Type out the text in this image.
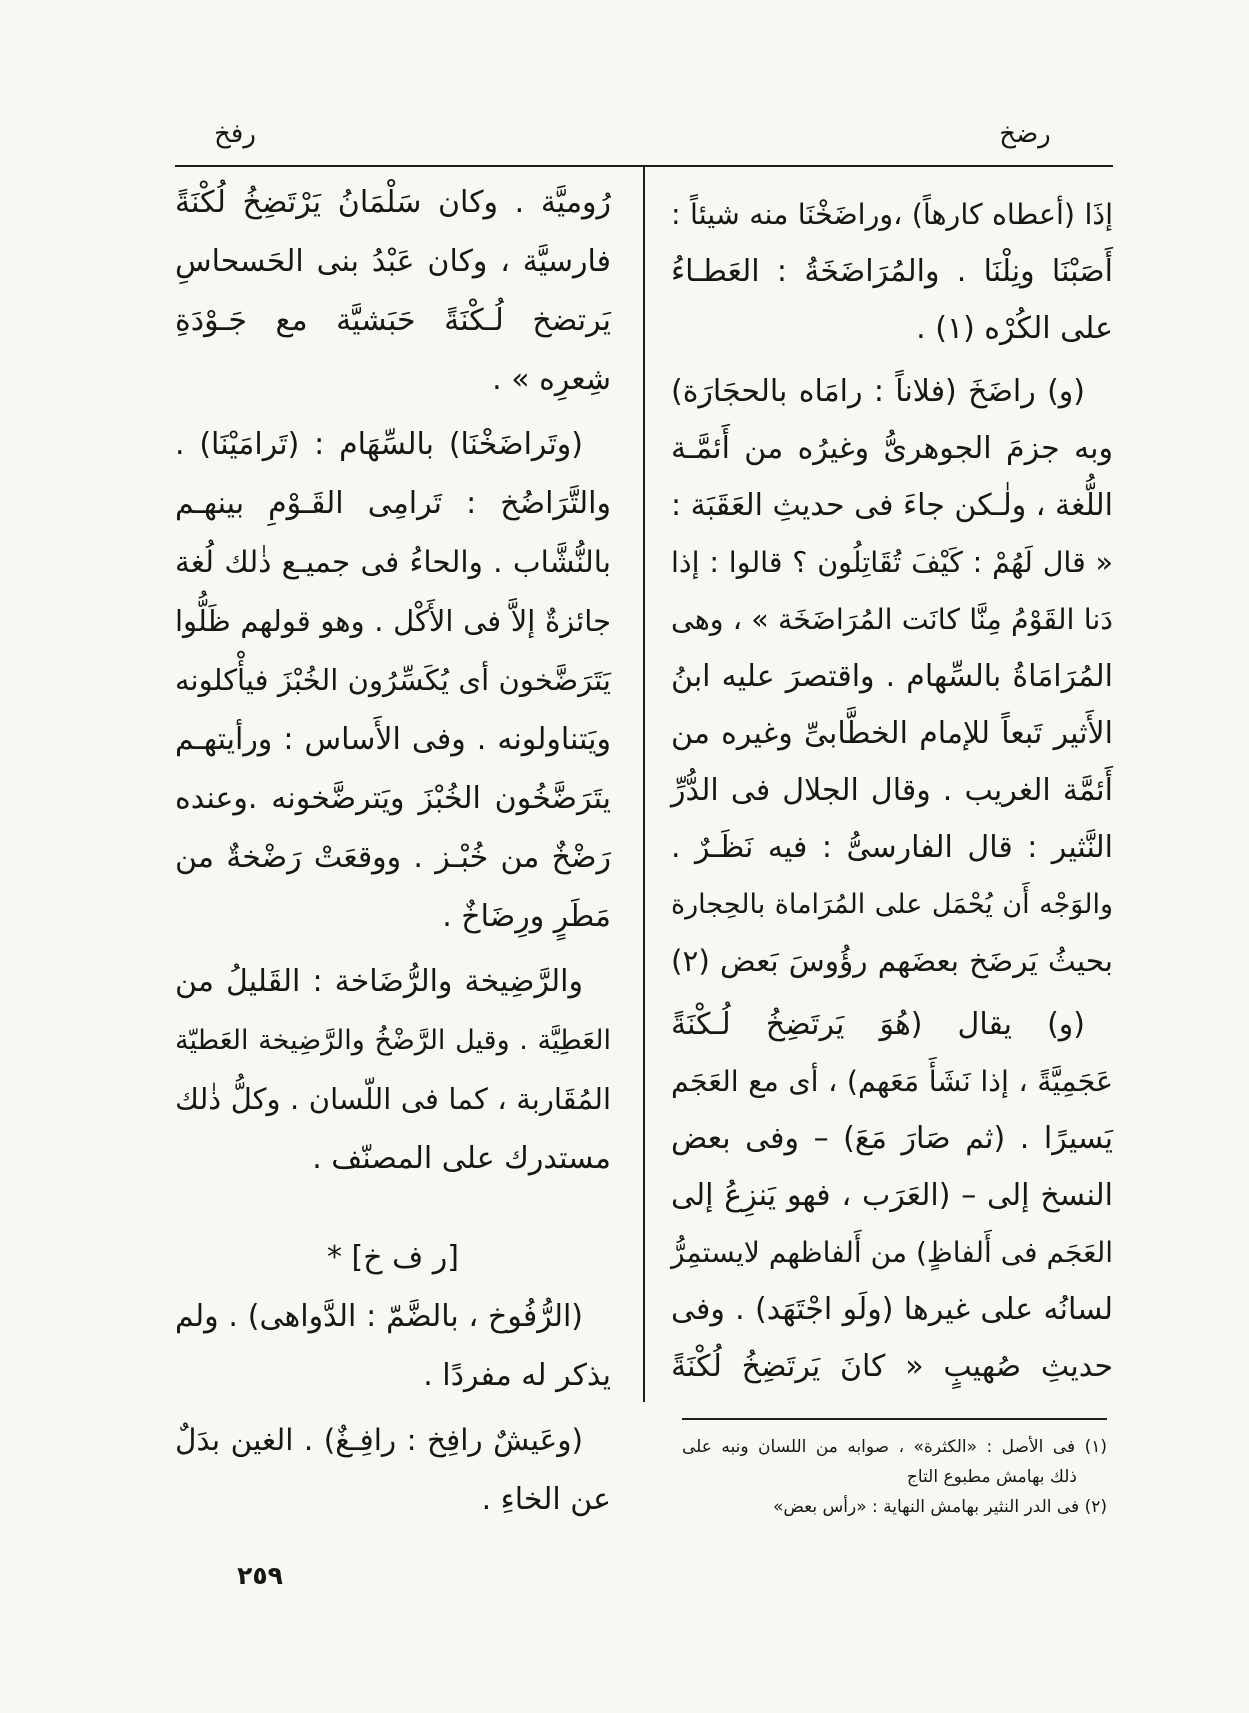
رضخ
رفخ
إذَا (أعطاه كارهاً) ،وراضَخْنَا منه شيئاً :
أَصَبْنَا ونِلْنَا . والمُرَاضَخَةُ : العَطـاءُ
على الكُرْه (١) .
(و) راضَخَ (فلاناً : رامَاه بالحجَارَة)
وبه جزمَ الجوهرىُّ وغيرُه من أَئمَّـة
اللُّغة ، ولٰـكن جاءَ فى حديثِ العَقَبَة :
« قال لَهُمْ : كَيْفَ تُقَاتِلُون ؟ قالوا : إذا
دَنا القَوْمُ مِنَّا كانَت المُرَاضَخَة » ، وهى
المُرَامَاةُ بالسِّهام . واقتصرَ عليه ابنُ
الأَثير تَبعاً للإمام الخطَّابىِّ وغيره من
أَئمَّة الغريب . وقال الجلال فى الدُّرِّ
النَّثير : قال الفارسىُّ : فيه نَظَـرٌ .
والوَجْه أَن يُحْمَل على المُرَاماة بالحِجارة
بحيثُ يَرضَخ بعضَهم رؤُوسَ بَعض (٢)
(و) يقال (هُوَ يَرتَضِخُ لُـكْنَةً
عَجَمِيَّةً ، إذا نَشَأَ مَعَهم) ، أى مع العَجَم
يَسيرًا . (ثم صَارَ مَعَ) – وفى بعض
النسخ إلى – (العَرَب ، فهو يَنزِعُ إلى
العَجَم فى أَلفاظٍ) من أَلفاظهم لايستمِرُّ
لسانُه على غيرها (ولَو اجْتَهَد) . وفى
حديثِ صُهيبٍ « كانَ يَرتَضِخُ لُكْنَةً
رُوميَّة . وكان سَلْمَانُ يَرْتَضِخُ لُكْنَةً
فارسيَّة ، وكان عَبْدُ بنى الحَسحاسِ
يَرتضخ لُـكْنَةً حَبَشيَّة مع جَـوْدَةِ
شِعرِه » .
(وتَراضَخْنَا) بالسِّهَام : (تَرامَيْنَا) .
والتَّرَاضُخ : تَرامِى القَـوْمِ بينهـم
بالنُّشَّاب . والحاءُ فى جميـع ذٰلك لُغة
جائزةٌ إلاَّ فى الأَكْل . وهو قولهم ظَلُّوا
يَتَرَضَّخون أى يُكَسِّرُون الخُبْزَ فيأْكلونه
ويَتناولونه . وفى الأَساس : ورأيتهـم
يتَرَضَّخُون الخُبْزَ ويَترضَّخونه .وعنده
رَضْخٌ من خُبْـز . ووقعَتْ رَضْخةٌ من
مَطَرٍ ورِضَاخٌ .
والرَّضِيخة والرُّضَاخة : القَليلُ من
العَطِيَّة . وقيل الرَّضْخُ والرَّضِيخة العَطيّة
المُقَاربة ، كما فى اللّسان . وكلُّ ذٰلك
مستدرك على المصنّف .
[ر ف خ] *
(الرُّفُوخ ، بالضَّمّ : الدَّواهى) . ولم
يذكر له مفردًا .
(وعَيشٌ رافِخ : رافِـغٌ) . الغين بدَلٌ
عن الخاءِ .
(١) فى الأصل : «الكثرة» ، صوابه من اللسان ونبه على
ذلك بهامش مطبوع التاج
(٢) فى الدر النثير بهامش النهاية : «رأس بعض»
٢٥٩
